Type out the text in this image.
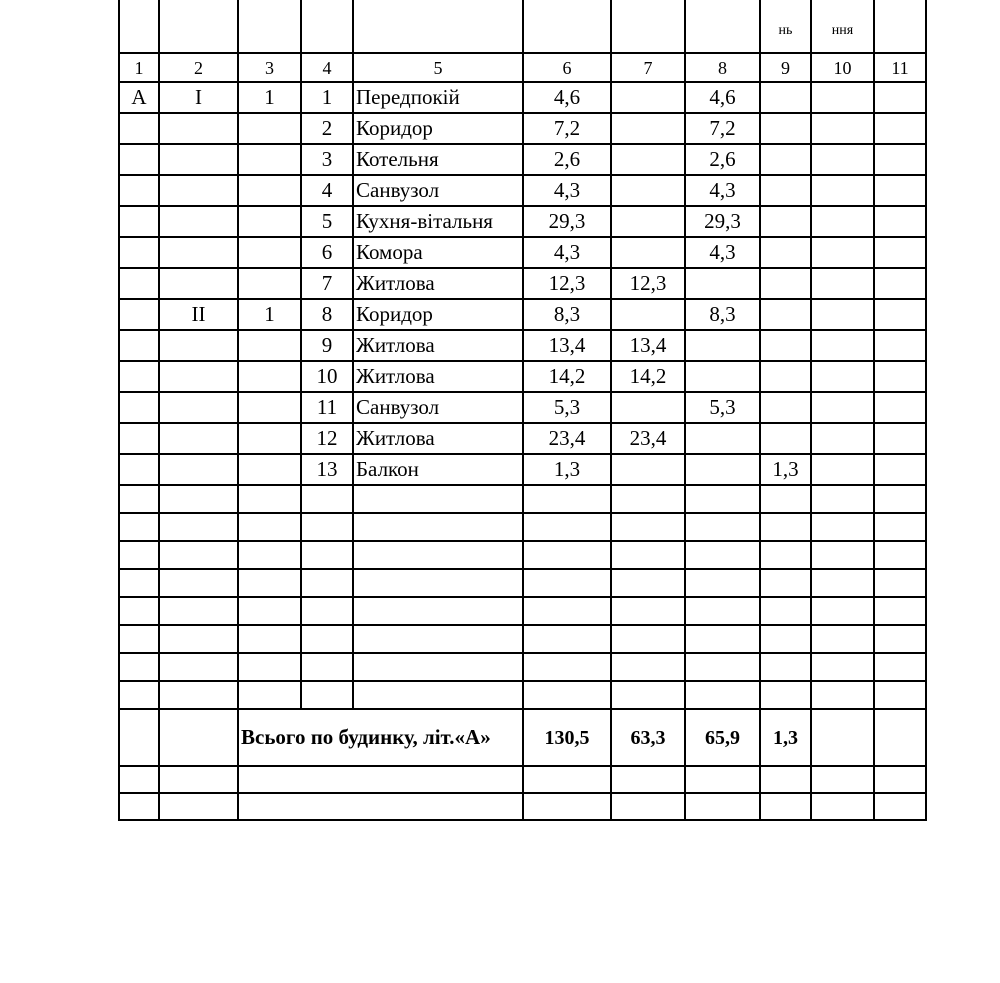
								нь	ння	

1	2	3	4	5	6	7	8	9	10	11
А	І	1	1	Передпокій	4,6		4,6			
			2	Коридор	7,2		7,2			
			3	Котельня	2,6		2,6			
			4	Санвузол	4,3		4,3			
			5	Кухня-вітальня	29,3		29,3			
			6	Комора	4,3		4,3			
			7	Житлова	12,3	12,3				
	ІІ	1	8	Коридор	8,3		8,3			
			9	Житлова	13,4	13,4				
			10	Житлова	14,2	14,2				
			11	Санвузол	5,3		5,3			
			12	Житлова	23,4	23,4				
			13	Балкон	1,3			1,3		

		Всього по будинку, літ.«А»			130,5	63,3	65,9	1,3		
